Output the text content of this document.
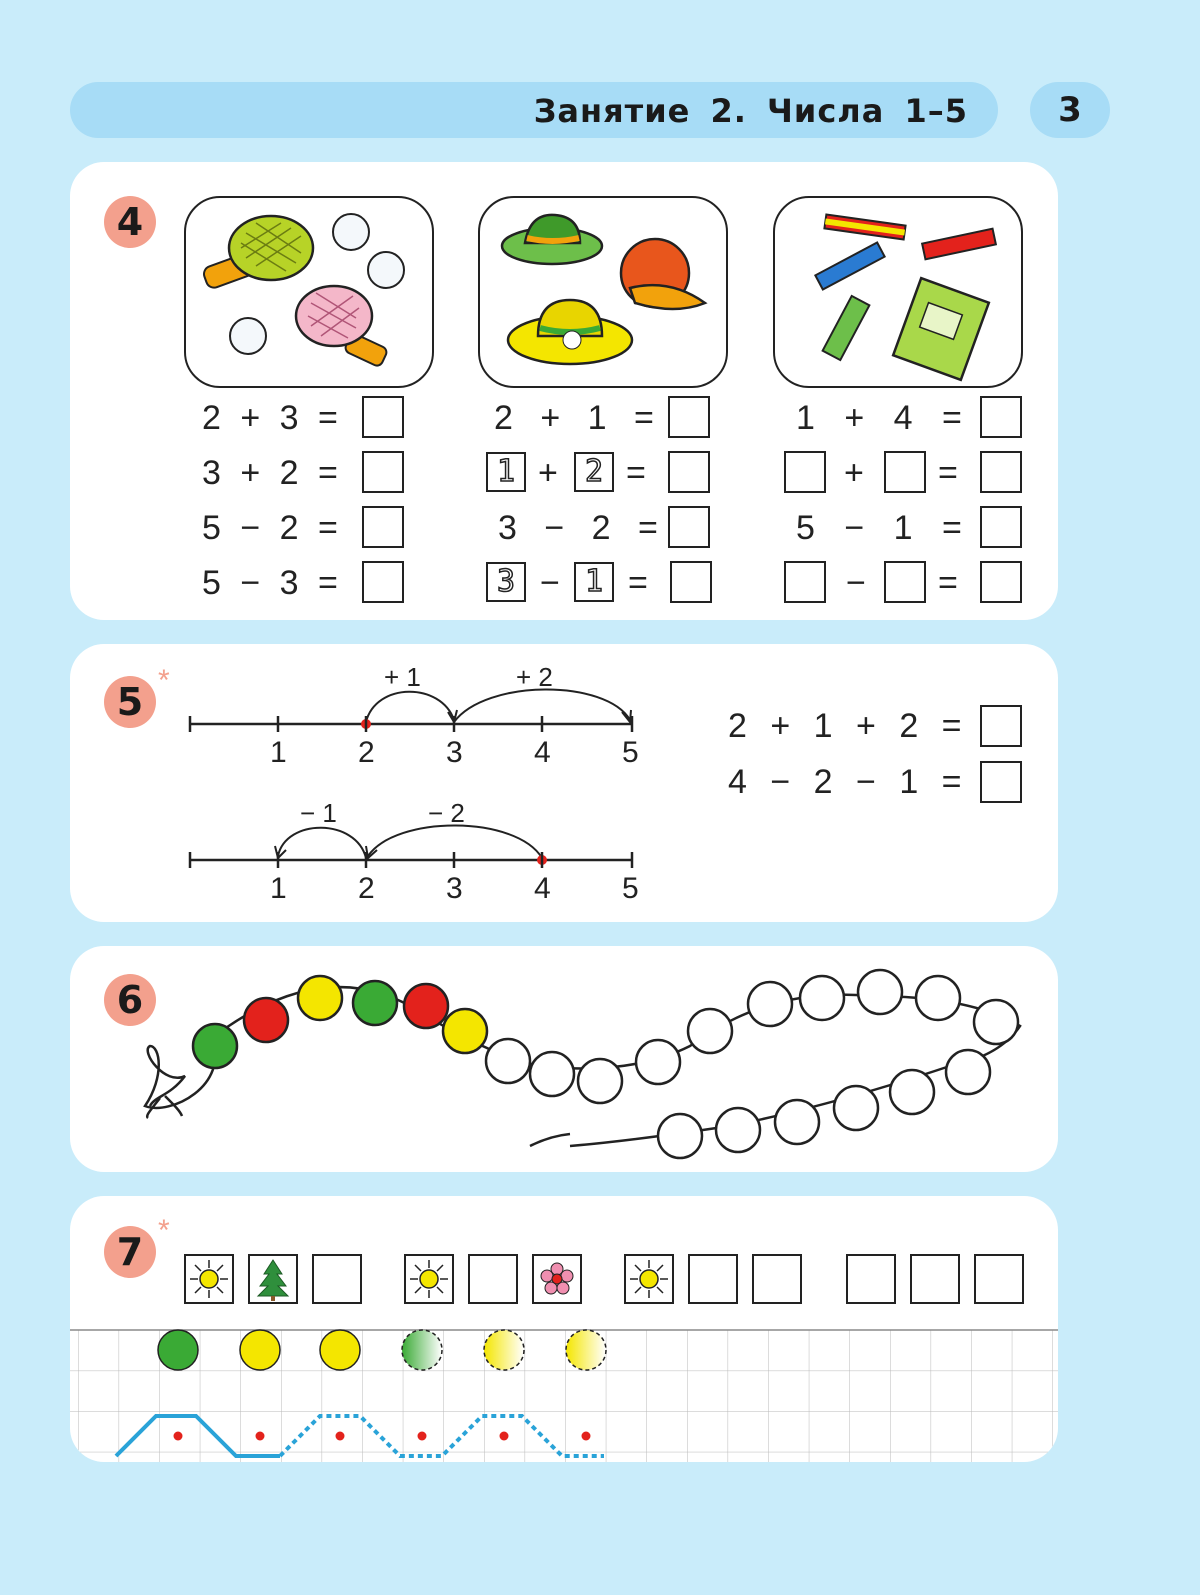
Занятие 2. Числа 1–5	3
4
2 + 3 =
3 + 2 =
5 − 2 =
5 − 3 =
2 + 1 =
1 + 2 =
3 − 2 =
3 − 1 =
1 + 4 =
+ =
5 − 1 =
− =
5 *	+ 1	+ 2
1 2 3 4 5
− 1	− 2
1 2 3 4 5
2 + 1 + 2 =
4 − 2 − 1 =
6
7 *
